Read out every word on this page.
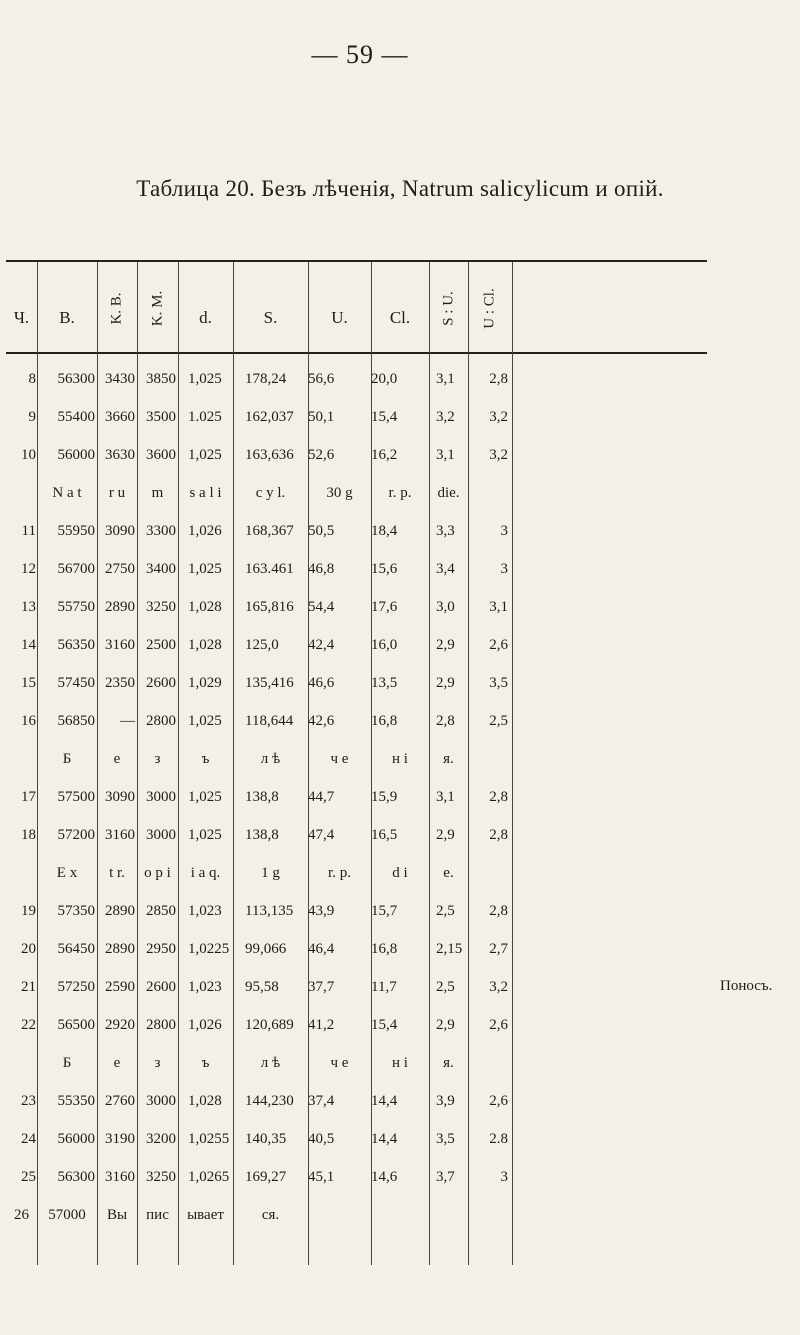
— 59 —
Таблица 20. Безъ лѣченія, Natrum salicylicum и опій.
Ч.	B.	K. B. K. M.	d.	S.	U.	Cl.	S : U. U : Cl.
8	56300 3430 3850 1,025 178,24 56,6 20,0	3,1	2,8
9	55400 3660 3500 1.025 162,037 50,1 15,4	3,2	3,2
10	56000 3630 3600 1,025 163,636 52,6 16,2	3,1	3,2
N a t	r u	m	s a l i	c y l.	30 g	r. p.	die.
11	55950 3090 3300 1,026 168,367 50,5 18,4	3,3	3
12	56700 2750 3400 1,025 163.461 46,8 15,6	3,4	3
13	55750 2890 3250 1,028 165,816 54,4 17,6	3,0	3,1
14	56350 3160 2500 1,028 125,0 42,4 16,0	2,9	2,6
15	57450 2350 2600 1,029 135,416 46,6 13,5	2,9	3,5
16	56850	— 2800 1,025 118,644 42,6 16,8	2,8	2,5
Б	е	з	ъ	л ѣ	ч е	н і	я.
17	57500 3090 3000 1,025 138,8 44,7 15,9	3,1	2,8
18	57200 3160 3000 1,025 138,8 47,4 16,5	2,9	2,8
E x	t r.	o p i	i a q.	1 g	r. p.	d i	e.
19	57350 2890 2850 1,023 113,135 43,9 15,7	2,5	2,8
20	56450 2890 2950 1,0225 99,066 46,4 16,8	2,15	2,7
21	57250 2590 2600 1,023 95,58 37,7 11,7	2,5	3,2	Поносъ.
22	56500 2920 2800 1,026 120,689 41,2 15,4	2,9	2,6
Б	е	з	ъ	л ѣ	ч е	н і	я.
23	55350 2760 3000 1,028 144,230 37,4 14,4	3,9	2,6
24	56000 3190 3200 1,0255 140,35 40,5 14,4	3,5	2.8
25	56300 3160 3250 1,0265 169,27 45,1 14,6	3,7	3
26	57000	Вы	пис	ывает	ся.
